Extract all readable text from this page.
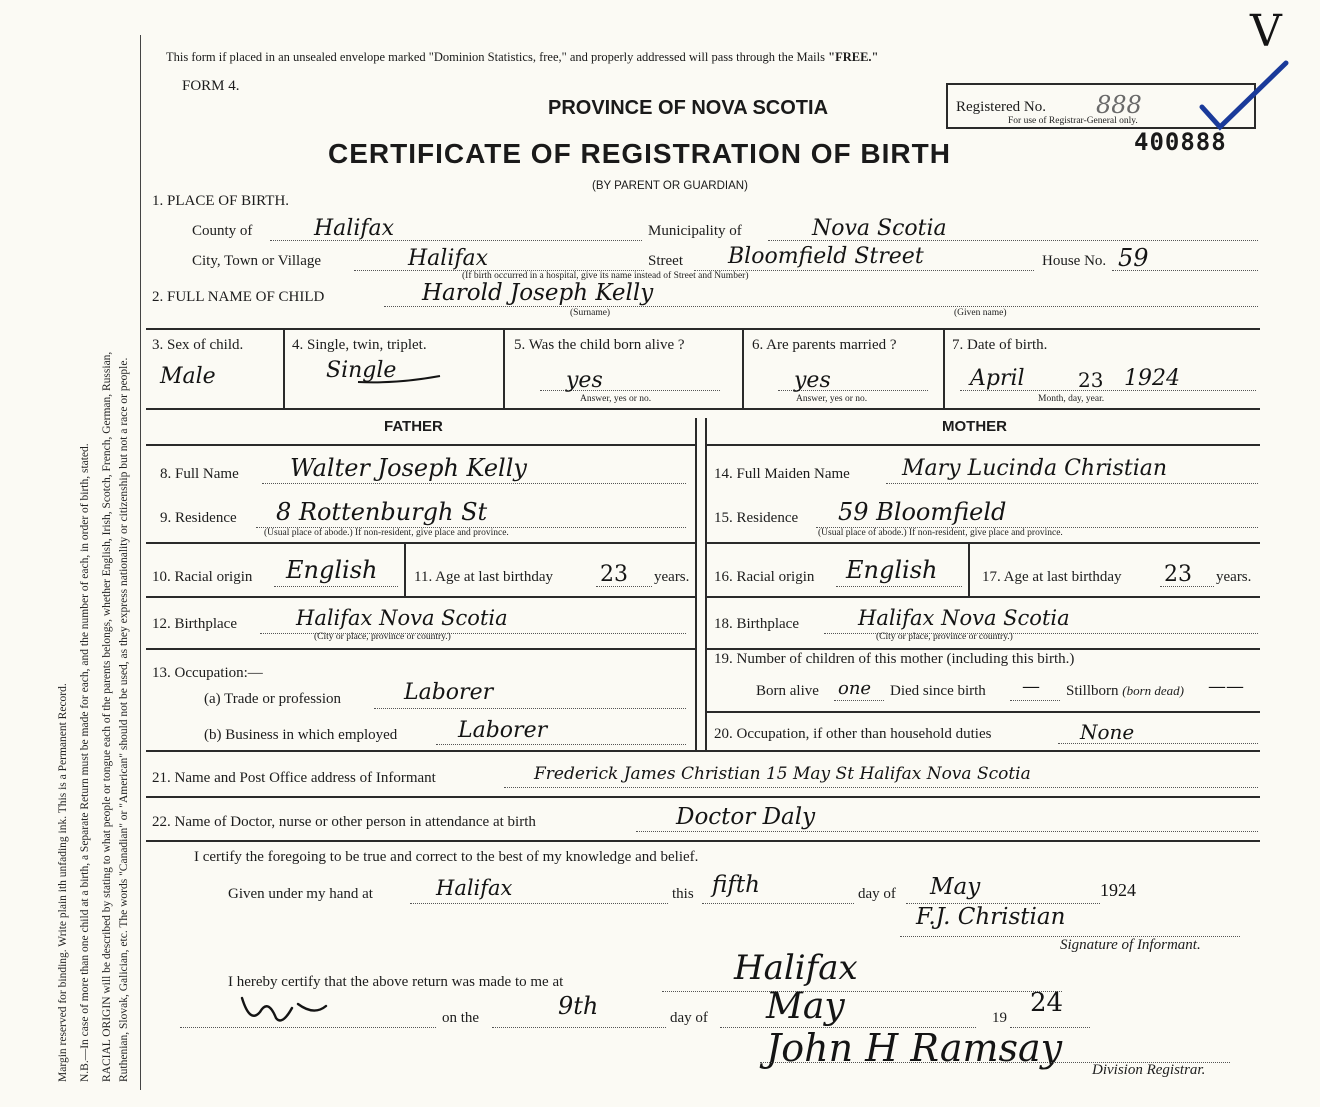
Margin reserved for binding. Write plain ith unfading ink. This is a Permanent Record. N.B.—In case of more than one child at a birth, a Separate Return must be made for each, and the number of each, in order of birth, stated. RACIAL ORIGIN will be described by stating to what people or tongue each of the parents belongs, whether English, Irish, Scotch, French, German, Russian, Ruthenian, Slovak, Galician, etc. The words "Canadian" or "American" should not be used, as they express nationality or citizenship but not a race or people.
This form if placed in an unsealed envelope marked "Dominion Statistics, free," and properly addressed will pass through the Mails "FREE."
FORM 4.
PROVINCE OF NOVA SCOTIA
CERTIFICATE OF REGISTRATION OF BIRTH
(BY PARENT OR GUARDIAN)
Registered No. 888
For use of Registrar-General only.
400888
V
1. PLACE OF BIRTH.
County of	Halifax	Municipality of	Nova Scotia
City, Town or Village	Halifax	Street Bloomfield Street	House No. 59
(If birth occurred in a hospital, give its name instead of Street and Number)
2. FULL NAME OF CHILD	Harold Joseph Kelly
(Surname)	(Given name)
3. Sex of child.
Male
4. Single, twin, triplet.
Single
5. Was the child born alive ?
yes
Answer, yes or no.
6. Are parents married ?
yes
Answer, yes or no.
7. Date of birth.
April	23 1924
Month, day, year.
FATHER	MOTHER
8. Full Name Walter Joseph Kelly
9. Residence 8 Rottenburgh St
(Usual place of abode.) If non-resident, give place and province.
10. Racial origin English 11. Age at last birthday 23 years.
12. Birthplace	Halifax Nova Scotia
(City or place, province or country.)
13. Occupation:—
(a) Trade or profession	Laborer
(b) Business in which employed	Laborer
14. Full Maiden Name Mary Lucinda Christian
15. Residence 59 Bloomfield
(Usual place of abode.) If non-resident, give place and province.
16. Racial origin English	17. Age at last birthday 23 years.
18. Birthplace	Halifax Nova Scotia
(City or place, province or country.)
19. Number of children of this mother (including this birth.)
Born alive one Died since birth — Stillborn (born dead) ——
20. Occupation, if other than household duties	None
21. Name and Post Office address of Informant	Frederick James Christian 15 May St Halifax Nova Scotia
22. Name of Doctor, nurse or other person in attendance at birth	Doctor Daly
I certify the foregoing to be true and correct to the best of my knowledge and belief.
Given under my hand at	Halifax	this fifth	day of May	1924
F.J. Christian
Signature of Informant.
I hereby certify that the above return was made to me at	Halifax
on the	9th	day of May	19 24
John H Ramsay Division Registrar.
